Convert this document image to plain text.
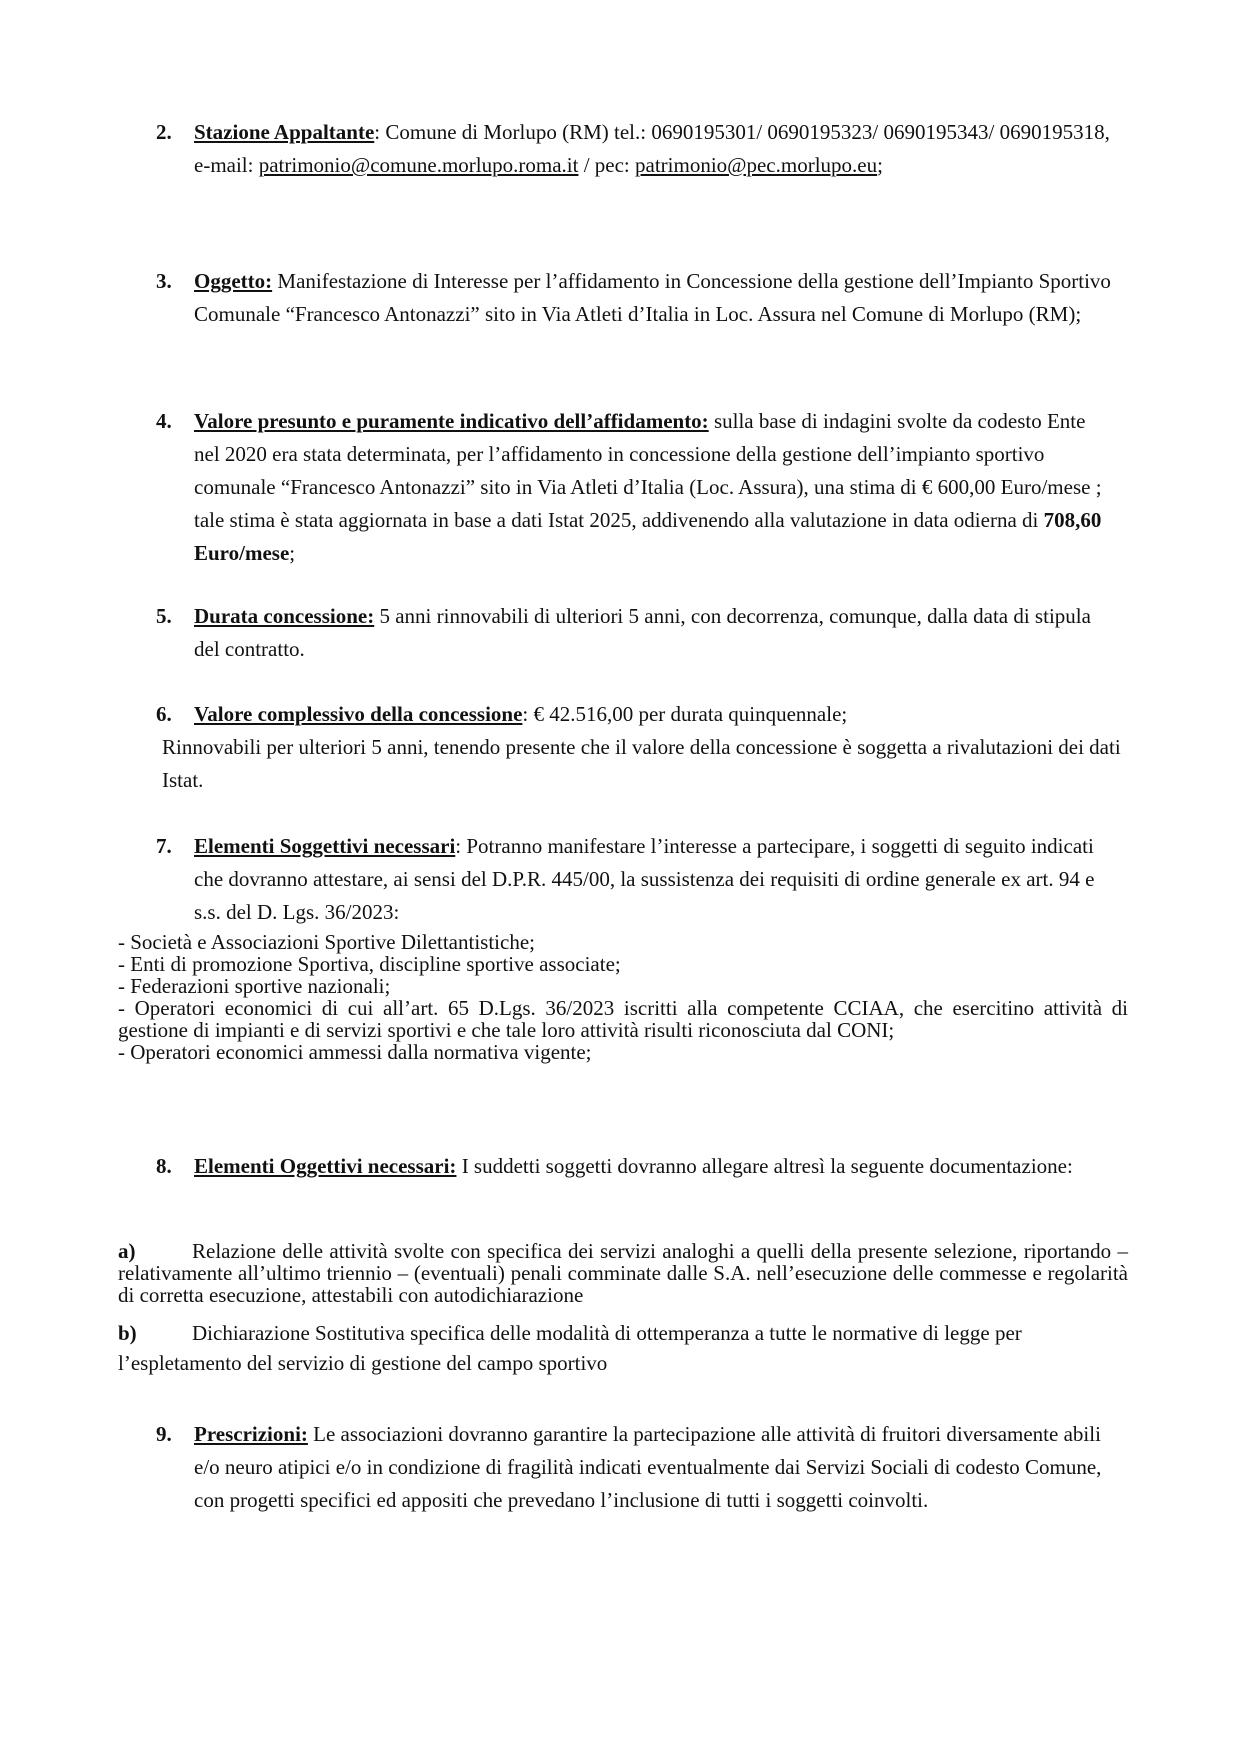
2. Stazione Appaltante: Comune di Morlupo (RM) tel.: 0690195301/ 0690195323/ 0690195343/ 0690195318, e-mail: patrimonio@comune.morlupo.roma.it / pec: patrimonio@pec.morlupo.eu;
3. Oggetto: Manifestazione di Interesse per l’affidamento in Concessione della gestione dell’Impianto Sportivo Comunale “Francesco Antonazzi” sito in Via Atleti d’Italia in Loc. Assura nel Comune di Morlupo (RM);
4. Valore presunto e puramente indicativo dell’affidamento: sulla base di indagini svolte da codesto Ente nel 2020 era stata determinata, per l’affidamento in concessione della gestione dell’impianto sportivo comunale “Francesco Antonazzi” sito in Via Atleti d’Italia (Loc. Assura), una stima di € 600,00 Euro/mese ; tale stima è stata aggiornata in base a dati Istat 2025, addivenendo alla valutazione in data odierna di 708,60 Euro/mese;
5. Durata concessione: 5 anni rinnovabili di ulteriori 5 anni, con decorrenza, comunque, dalla data di stipula del contratto.
6. Valore complessivo della concessione: € 42.516,00 per durata quinquennale;
Rinnovabili per ulteriori 5 anni, tenendo presente che il valore della concessione è soggetta a rivalutazioni dei dati Istat.
7. Elementi Soggettivi necessari: Potranno manifestare l’interesse a partecipare, i soggetti di seguito indicati che dovranno attestare, ai sensi del D.P.R. 445/00, la sussistenza dei requisiti di ordine generale ex art. 94 e s.s. del D. Lgs. 36/2023:
- Società e Associazioni Sportive Dilettantistiche;
- Enti di promozione Sportiva, discipline sportive associate;
- Federazioni sportive nazionali;
- Operatori economici di cui all’art. 65 D.Lgs. 36/2023 iscritti alla competente CCIAA, che esercitino attività di gestione di impianti e di servizi sportivi e che tale loro attività risulti riconosciuta dal CONI;
- Operatori economici ammessi dalla normativa vigente;
8. Elementi Oggettivi necessari: I suddetti soggetti dovranno allegare altresì la seguente documentazione:
a)	Relazione delle attività svolte con specifica dei servizi analoghi a quelli della presente selezione, riportando – relativamente all’ultimo triennio – (eventuali) penali comminate dalle S.A. nell’esecuzione delle commesse e regolarità di corretta esecuzione, attestabili con autodichiarazione
b)	Dichiarazione Sostitutiva specifica delle modalità di ottemperanza a tutte le normative di legge per l’espletamento del servizio di gestione del campo sportivo
9. Prescrizioni: Le associazioni dovranno garantire la partecipazione alle attività di fruitori diversamente abili e/o neuro atipici e/o in condizione di fragilità indicati eventualmente dai Servizi Sociali di codesto Comune, con progetti specifici ed appositi che prevedano l’inclusione di tutti i soggetti coinvolti.
